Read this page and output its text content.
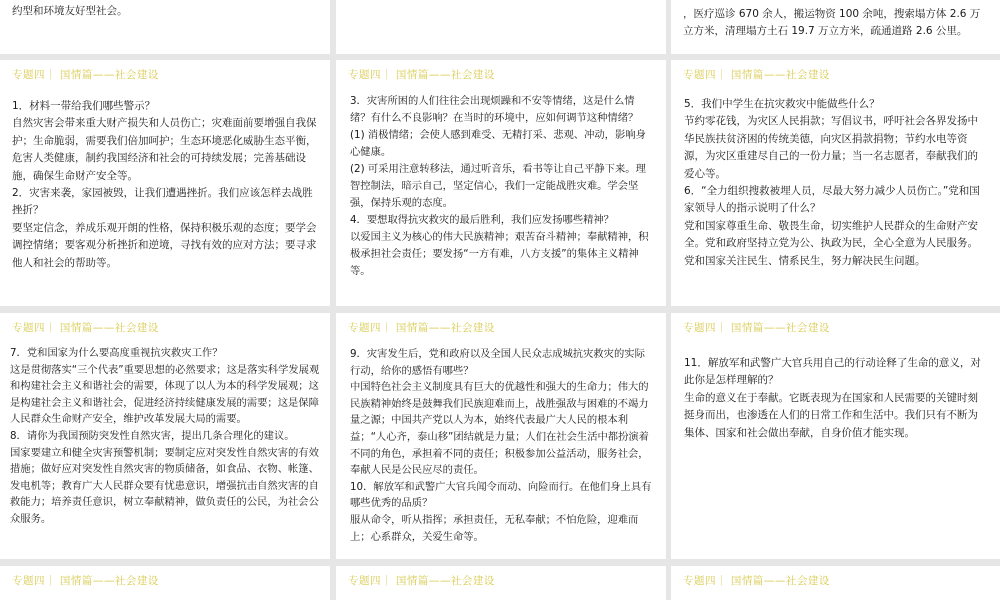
约型和环境友好型社会。	，医疗巡诊 670 余人，搬运物资 100 余吨，搜索塌方体 2.6 万
立方米，清理塌方土石 19.7 万立方米，疏通道路 2.6 公里。
专题四｜ 国情篇——社会建设

1．材料一带给我们哪些警示？

自然灾害会带来重大财产损失和人员伤亡；灾难面前要增强自我保护；生命脆弱，需要我们倍加呵护；生态环境恶化威胁生态平衡，危害人类健康，制约我国经济和社会的可持续发展；完善基础设施，确保生命财产安全等。

2．灾害来袭，家园被毁，让我们遭遇挫折。我们应该怎样去战胜挫折？

要坚定信念，养成乐观开朗的性格，保持积极乐观的态度；要学会调控情绪；要客观分析挫折和逆境，寻找有效的应对方法；要寻求他人和社会的帮助等。

专题四｜ 国情篇——社会建设

3．灾害所困的人们往往会出现烦躁和不安等情绪，这是什么情绪？有什么不良影响？在当时的环境中，应如何调节这种情绪？

(1) 消极情绪；会使人感到难受、无精打采、悲观、冲动，影响身心健康。

(2) 可采用注意转移法，通过听音乐，看书等让自己平静下来。理智控制法，暗示自己，坚定信心，我们一定能战胜灾难。学会坚强，保持乐观的态度。

4．要想取得抗灾救灾的最后胜利，我们应发扬哪些精神？

以爱国主义为核心的伟大民族精神；艰苦奋斗精神；奉献精神，积极承担社会责任；要发扬“一方有难，八方支援”的集体主义精神等。

专题四｜ 国情篇——社会建设

5．我们中学生在抗灾救灾中能做些什么？

节约零花钱，为灾区人民捐款；写倡议书，呼吁社会各界发扬中华民族扶贫济困的传统美德，向灾区捐款捐物；节约水电等资源，为灾区重建尽自己的一份力量；当一名志愿者，奉献我们的爱心等。

6．“全力组织搜救被埋人员，尽最大努力减少人员伤亡。”党和国家领导人的指示说明了什么？

党和国家尊重生命、敬畏生命，切实维护人民群众的生命财产安全。党和政府坚持立党为公、执政为民，全心全意为人民服务。党和国家关注民生、情系民生，努力解决民生问题。

专题四｜ 国情篇——社会建设

7．党和国家为什么要高度重视抗灾救灾工作？

这是贯彻落实“三个代表”重要思想的必然要求；这是落实科学发展观和构建社会主义和谐社会的需要，体现了以人为本的科学发展观；这是构建社会主义和谐社会，促进经济持续健康发展的需要；这是保障人民群众生命财产安全，维护改革发展大局的需要。

8．请你为我国预防突发性自然灾害，提出几条合理化的建议。

国家要建立和健全灾害预警机制；要制定应对突发性自然灾害的有效措施；做好应对突发性自然灾害的物质储备，如食品、衣物、帐篷、发电机等；教育广大人民群众要有忧患意识，增强抗击自然灾害的自救能力；培养责任意识，树立奉献精神，做负责任的公民，为社会公众服务。

专题四｜ 国情篇——社会建设

9．灾害发生后，党和政府以及全国人民众志成城抗灾救灾的实际行动，给你的感悟有哪些？

中国特色社会主义制度具有巨大的优越性和强大的生命力；伟大的民族精神始终是鼓舞我们民族迎难而上，战胜强敌与困难的不竭力量之源；中国共产党以人为本，始终代表最广大人民的根本利益；“人心齐，泰山移”团结就是力量；人们在社会生活中都扮演着不同的角色，承担着不同的责任；积极参加公益活动，服务社会，奉献人民是公民应尽的责任。

10．解放军和武警广大官兵闻令而动、向险而行。在他们身上具有哪些优秀的品质？

服从命令，听从指挥；承担责任，无私奉献；不怕危险，迎难而上；心系群众，关爱生命等。

专题四｜ 国情篇——社会建设

11．解放军和武警广大官兵用自己的行动诠释了生命的意义，对此你是怎样理解的？

生命的意义在于奉献。它既表现为在国家和人民需要的关键时刻挺身而出，也渗透在人们的日常工作和生活中。我们只有不断为集体、国家和社会做出奉献，自身价值才能实现。

专题四｜ 国情篇——社会建设	专题四｜ 国情篇——社会建设	专题四｜ 国情篇——社会建设
